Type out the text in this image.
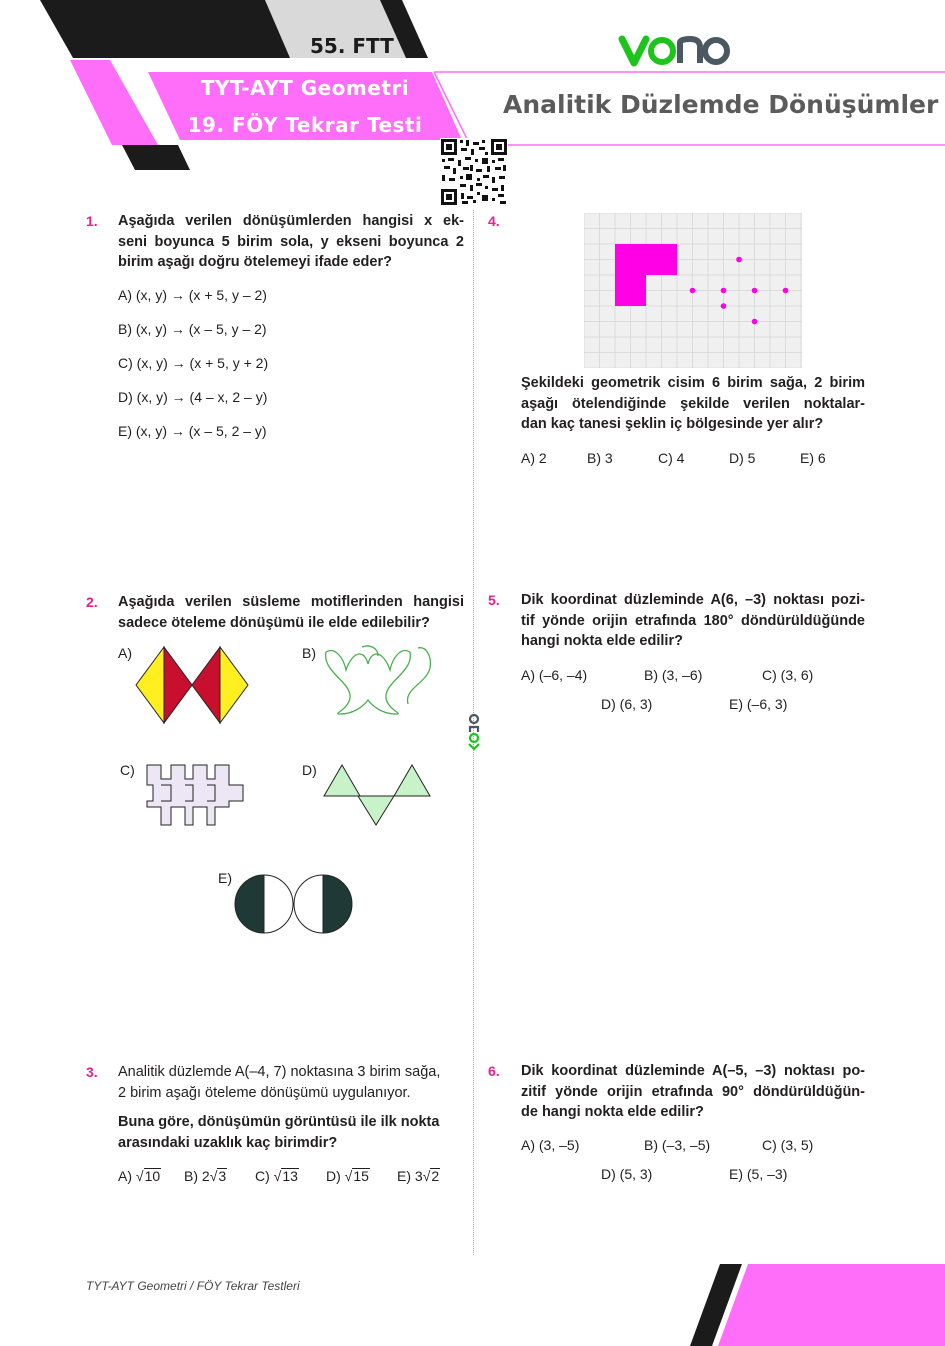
55. FTT
TYT-AYT Geometri
19. FÖY Tekrar Testi
Analitik Düzlemde Dönüşümler
1. Aşağıda verilen dönüşümlerden hangisi x ek-
seni boyunca 5 birim sola, y ekseni boyunca 2
birim aşağı doğru ötelemeyi ifade eder?
A) (x, y) → (x + 5, y – 2)
B) (x, y) → (x – 5, y – 2)
C) (x, y) → (x + 5, y + 2)
D) (x, y) → (4 – x, 2 – y)
E) (x, y) → (x – 5, 2 – y)
2. Aşağıda verilen süsleme motiflerinden hangisi
sadece öteleme dönüşümü ile elde edilebilir?
A)	B)
C)	D)
E)
3. Analitik düzlemde A(–4, 7) noktasına 3 birim sağa,
2 birim aşağı öteleme dönüşümü uygulanıyor.
Buna göre, dönüşümün görüntüsü ile ilk nokta
arasındaki uzaklık kaç birimdir?
A) √10 B) 2√3 C) √13 D) √15 E) 3√2
4.
Şekildeki geometrik cisim 6 birim sağa, 2 birim
aşağı ötelendiğinde şekilde verilen noktalar-
dan kaç tanesi şeklin iç bölgesinde yer alır?
A) 2	B) 3	C) 4	D) 5	E) 6
5. Dik koordinat düzleminde A(6, –3) noktası pozi-
tif yönde orijin etrafında 180° döndürüldüğünde
hangi nokta elde edilir?
A) (–6, –4)	B) (3, –6)	C) (3, 6)
D) (6, 3)	E) (–6, 3)
6. Dik koordinat düzleminde A(–5, –3) noktası po-
zitif yönde orijin etrafında 90° döndürüldüğün-
de hangi nokta elde edilir?
A) (3, –5)	B) (–3, –5)	C) (3, 5)
D) (5, 3)	E) (5, –3)
TYT-AYT Geometri / FÖY Tekrar Testleri
